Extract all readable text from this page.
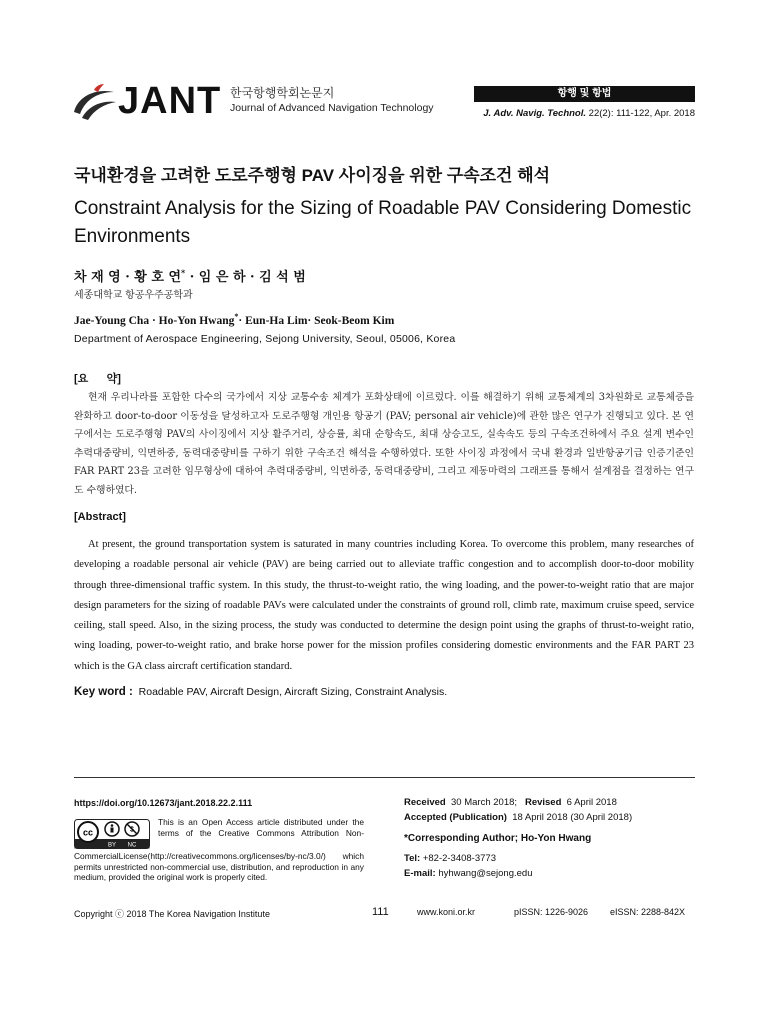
JANT 한국항행학회논문지
Journal of Advanced Navigation Technology
항행 및 항법
J. Adv. Navig. Technol. 22(2): 111-122, Apr. 2018
국내환경을 고려한 도로주행형 PAV 사이징을 위한 구속조건 해석
Constraint Analysis for the Sizing of Roadable PAV Considering Domestic Environments
차 재 영 · 황 호 연* · 임 은 하 · 김 석 범
세종대학교 항공우주공학과
Jae-Young Cha · Ho-Yon Hwang*· Eun-Ha Lim· Seok-Beom Kim
Department of Aerospace Engineering, Sejong University, Seoul, 05006, Korea
[요      약]
현재 우리나라를 포함한 다수의 국가에서 지상 교통수송 체계가 포화상태에 이르렀다. 이를 해결하기 위해 교통체계의 3차원화로 교통체증을 완화하고 door-to-door 이동성을 달성하고자 도로주행형 개인용 항공기 (PAV; personal air vehicle)에 관한 많은 연구가 진행되고 있다. 본 연구에서는 도로주행형 PAV의 사이징에서 지상 활주거리, 상승률, 최대 순항속도, 최대 상승고도, 실속속도 등의 구속조건하에서 주요 설계 변수인 추력대중량비, 익면하중, 동력대중량비를 구하기 위한 구속조건 해석을 수행하였다. 또한 사이징 과정에서 국내 환경과 일반항공기급 인증기준인 FAR PART 23을 고려한 임무형상에 대하여 추력대중량비, 익면하중, 동력대중량비, 그리고 제동마력의 그래프를 통해서 설계점을 결정하는 연구도 수행하였다.
[Abstract]
At present, the ground transportation system is saturated in many countries including Korea. To overcome this problem, many researches of developing a roadable personal air vehicle (PAV) are being carried out to alleviate traffic congestion and to accomplish door-to-door mobility through three-dimensional traffic system. In this study, the thrust-to-weight ratio, the wing loading, and the power-to-weight ratio that are major design parameters for the sizing of roadable PAVs were calculated under the constraints of ground roll, climb rate, maximum cruise speed, service ceiling, stall speed. Also, in the sizing process, the study was conducted to determine the design point using the graphs of thrust-to-weight ratio, wing loading, power-to-weight ratio, and brake horse power for the mission profiles considering domestic environments and the FAR PART 23 which is the GA class aircraft certification standard.
Key word : Roadable PAV, Aircraft Design, Aircraft Sizing, Constraint Analysis.
https://doi.org/10.12673/jant.2018.22.2.111
cc	$
BY NC
This is an Open Access article distributed under the terms of the Creative Commons Attribution Non-CommercialLicense(http://creativecommons.org/licenses/by-nc/3.0/) which permits unrestricted non-commercial use, distribution, and reproduction in any medium, provided the original work is properly cited.
Received 30 March 2018; Revised 6 April 2018
Accepted (Publication) 18 April 2018 (30 April 2018)
*Corresponding Author; Ho-Yon Hwang
Tel: +82-2-3408-3773
E-mail: hyhwang@sejong.edu
Copyright ⓒ 2018 The Korea Navigation Institute	111	www.koni.or.kr	pISSN: 1226-9026 eISSN: 2288-842X
